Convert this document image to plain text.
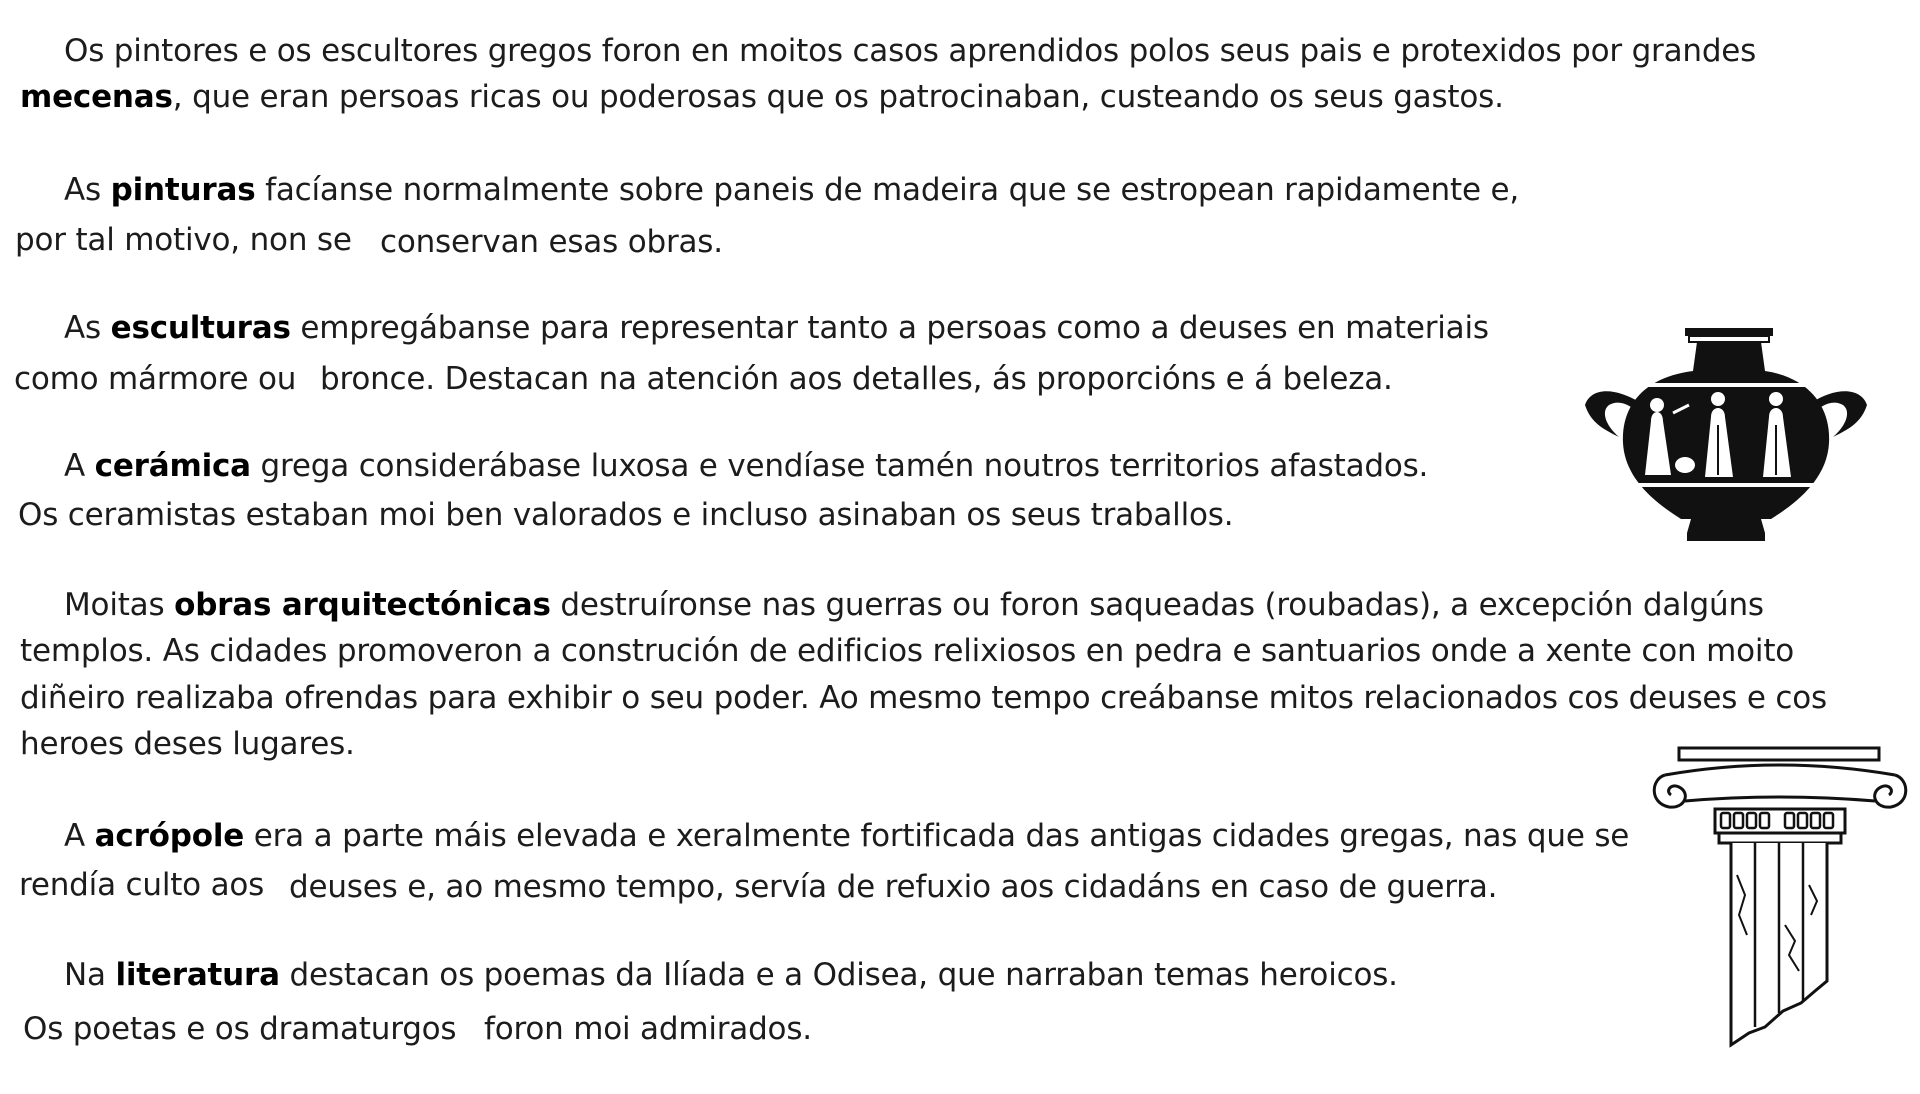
Os pintores e os escultores gregos foron en moitos casos aprendidos polos seus pais e protexidos por grandes
mecenas, que eran persoas ricas ou poderosas que os patrocinaban, custeando os seus gastos.
As pinturas facíanse normalmente sobre paneis de madeira que se estropean rapidamente e,
por tal motivo, non se conservan esas obras.
As esculturas empregábanse para representar tanto a persoas como a deuses en materiais
como mármore ou bronce. Destacan na atención aos detalles, ás proporcións e á beleza.
A cerámica grega considerábase luxosa e vendíase tamén noutros territorios afastados.
Os ceramistas estaban moi ben valorados e incluso asinaban os seus traballos.
Moitas obras arquitectónicas destruíronse nas guerras ou foron saqueadas (roubadas), a excepción dalgúns
templos. As cidades promoveron a construción de edificios relixiosos en pedra e santuarios onde a xente con moito
diñeiro realizaba ofrendas para exhibir o seu poder. Ao mesmo tempo creábanse mitos relacionados cos deuses e cos
heroes deses lugares.
A acrópole era a parte máis elevada e xeralmente fortificada das antigas cidades gregas, nas que se
rendía culto aos deuses e, ao mesmo tempo, servía de refuxio aos cidadáns en caso de guerra.
Na literatura destacan os poemas da Ilíada e a Odisea, que narraban temas heroicos.
Os poetas e os dramaturgos foron moi admirados.
